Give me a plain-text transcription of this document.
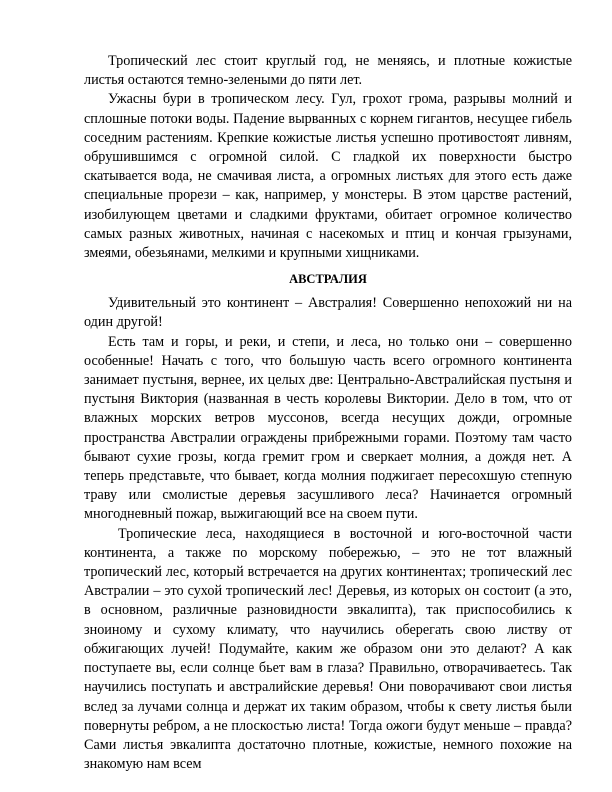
Тропический лес стоит круглый год, не меняясь, и плотные кожистые листья остаются темно-зелеными до пяти лет.

Ужасны бури в тропическом лесу. Гул, грохот грома, разрывы молний и сплошные потоки воды. Падение вырванных с корнем гигантов, несущее гибель соседним растениям. Крепкие кожистые листья успешно противостоят ливням, обрушившимся с огромной силой. С гладкой их поверхности быстро скатывается вода, не смачивая листа, а огромных листьях для этого есть даже специальные прорези – как, например, у монстеры. В этом царстве растений, изобилующем цветами и сладкими фруктами, обитает огромное количество самых разных животных, начиная с насекомых и птиц и кончая грызунами, змеями, обезьянами, мелкими и крупными хищниками.

АВСТРАЛИЯ

Удивительный это континент – Австралия! Совершенно непохожий ни на один другой!

Есть там и горы, и реки, и степи, и леса, но только они – совершенно особенные! Начать с того, что большую часть всего огромного континента занимает пустыня, вернее, их целых две: Центрально-Австралийская пустыня и пустыня Виктория (названная в честь королевы Виктории. Дело в том, что от влажных морских ветров муссонов, всегда несущих дожди, огромные пространства Австралии ограждены прибрежными горами. Поэтому там часто бывают сухие грозы, когда гремит гром и сверкает молния, а дождя нет. А теперь представьте, что бывает, когда молния поджигает пересохшую степную траву или смолистые деревья засушливого леса? Начинается огромный многодневный пожар, выжигающий все на своем пути.

Тропические леса, находящиеся в восточной и юго-восточной части континента, а также по морскому побережью, – это не тот влажный тропический лес, который встречается на других континентах; тропический лес Австралии – это сухой тропический лес! Деревья, из которых он состоит (а это, в основном, различные разновидности эвкалипта), так приспособились к зноиному и сухому климату, что научились оберегать свою листву от обжигающих лучей! Подумайте, каким же образом они это делают? А как поступаете вы, если солнце бьет вам в глаза? Правильно, отворачиваетесь. Так научились поступать и австралийские деревья! Они поворачивают свои листья вслед за лучами солнца и держат их таким образом, чтобы к свету листья были повернуты ребром, а не плоскостью листа! Тогда ожоги будут меньше – правда? Сами листья эвкалипта достаточно плотные, кожистые, немного похожие на знакомую нам всем
